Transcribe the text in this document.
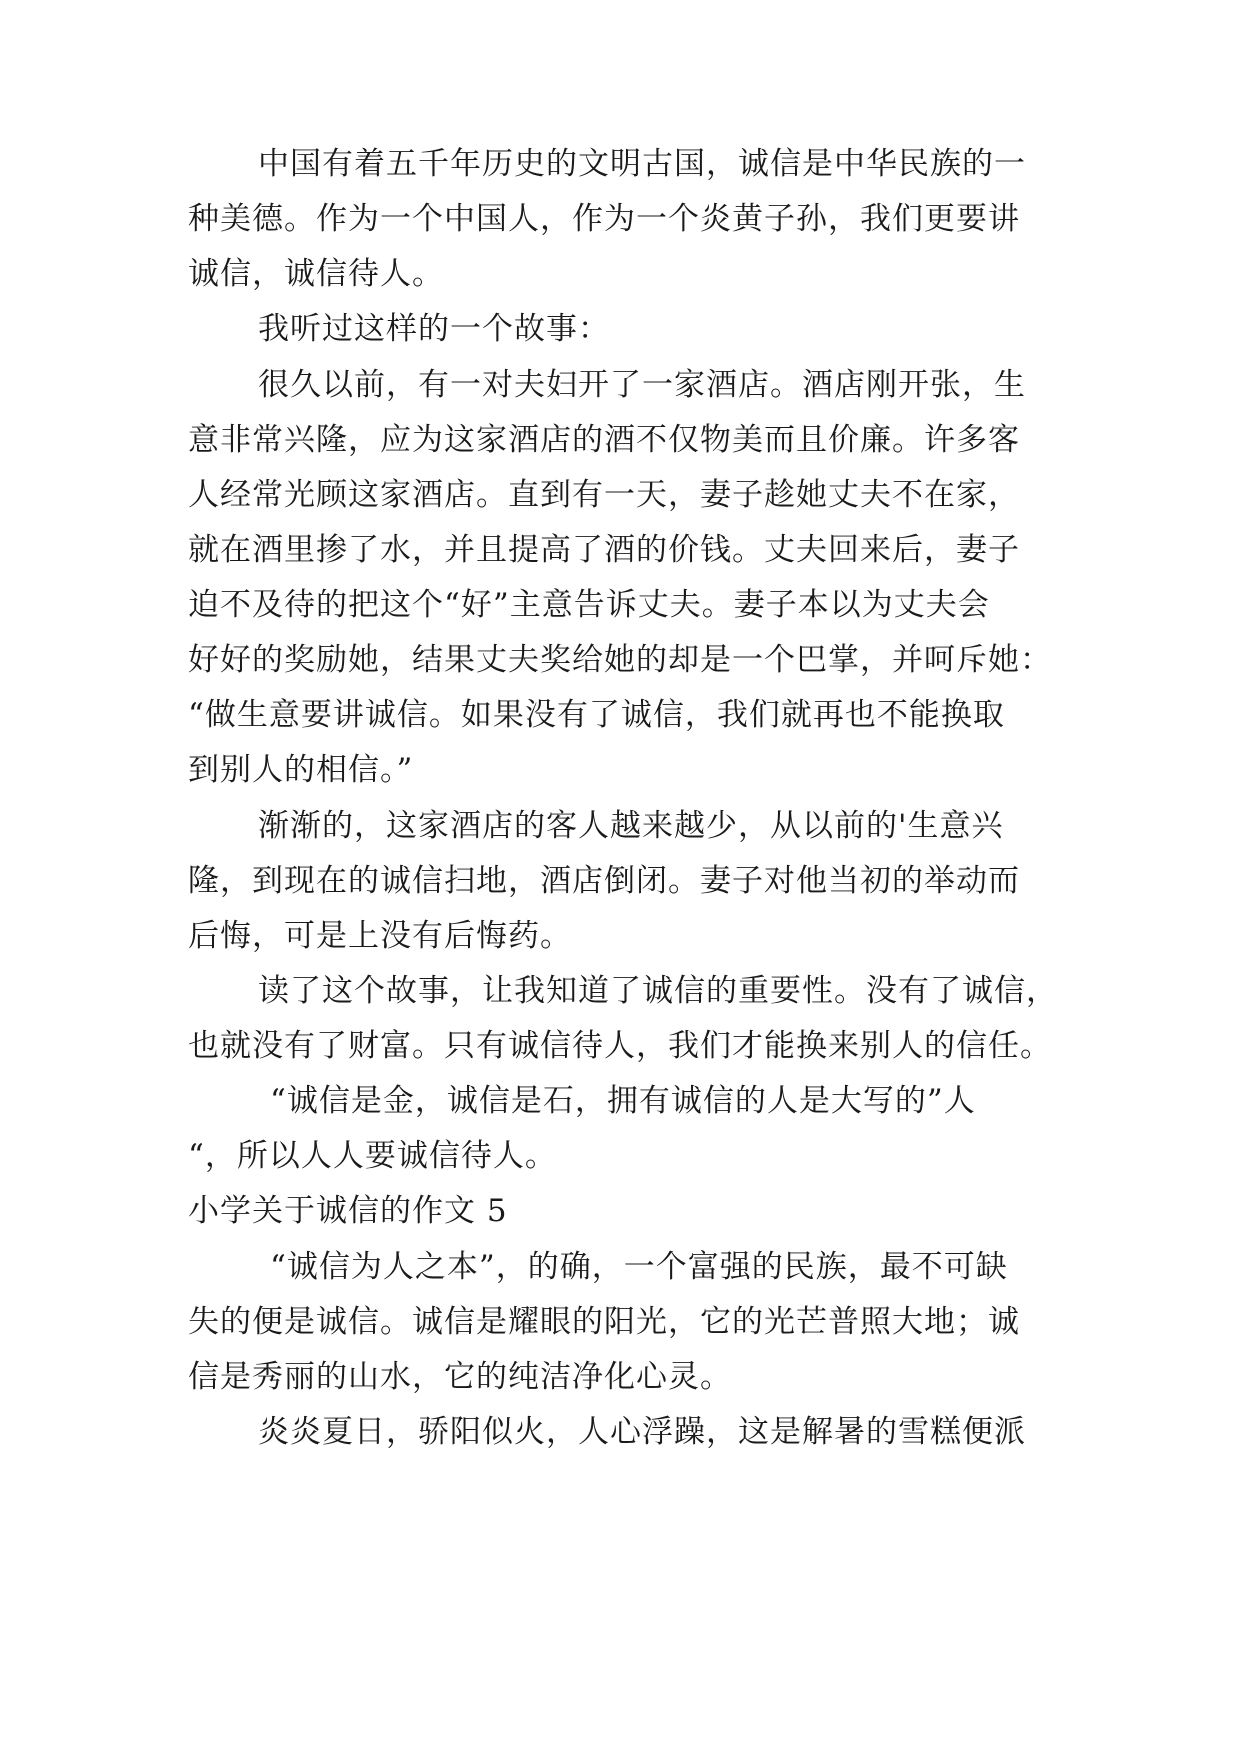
中国有着五千年历史的文明古国，诚信是中华民族的一
种美德。作为一个中国人，作为一个炎黄子孙，我们更要讲
诚信，诚信待人。
我听过这样的一个故事：
很久以前，有一对夫妇开了一家酒店。酒店刚开张，生
意非常兴隆，应为这家酒店的酒不仅物美而且价廉。许多客
人经常光顾这家酒店。直到有一天，妻子趁她丈夫不在家，
就在酒里掺了水，并且提高了酒的价钱。丈夫回来后，妻子
迫不及待的把这个“好”主意告诉丈夫。妻子本以为丈夫会
好好的奖励她，结果丈夫奖给她的却是一个巴掌，并呵斥她：
“做生意要讲诚信。如果没有了诚信，我们就再也不能换取
到别人的相信。”
渐渐的，这家酒店的客人越来越少，从以前的'生意兴
隆，到现在的诚信扫地，酒店倒闭。妻子对他当初的举动而
后悔，可是上没有后悔药。
读了这个故事，让我知道了诚信的重要性。没有了诚信，
也就没有了财富。只有诚信待人，我们才能换来别人的信任。
“诚信是金，诚信是石，拥有诚信的人是大写的”人
“，所以人人要诚信待人。
小学关于诚信的作文 5
“诚信为人之本”，的确，一个富强的民族，最不可缺
失的便是诚信。诚信是耀眼的阳光，它的光芒普照大地；诚
信是秀丽的山水，它的纯洁净化心灵。
炎炎夏日，骄阳似火，人心浮躁，这是解暑的雪糕便派
